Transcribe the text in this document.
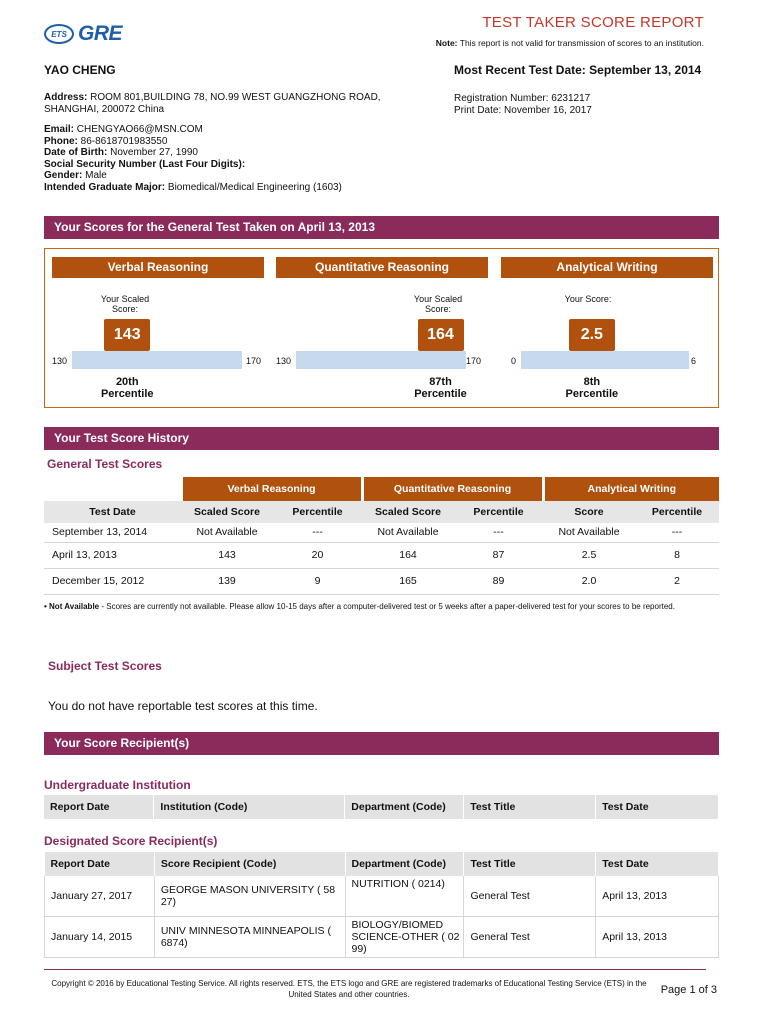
ETS GRE	TEST TAKER SCORE REPORT
Note: This report is not valid for transmission of scores to an institution.
YAO CHENG	Most Recent Test Date: September 13, 2014
Address: ROOM 801,BUILDING 78, NO.99 WEST GUANGZHONG ROAD, SHANGHAI, 200072 China
Registration Number: 6231217
Print Date: November 16, 2017
Email: CHENGYAO66@MSN.COM
Phone: 86-8618701983550
Date of Birth: November 27, 1990
Social Security Number (Last Four Digits):
Gender: Male
Intended Graduate Major: Biomedical/Medical Engineering (1603)
Your Scores for the General Test Taken on April 13, 2013
Verbal Reasoning
Your Scaled Score:
143
130	170
20th
Percentile
Quantitative Reasoning
Your Scaled Score:
164
130	170
87th
Percentile
Analytical Writing
Your Score:
2.5
0	6
8th
Percentile
Your Test Score History
General Test Scores
	Verbal Reasoning		Quantitative Reasoning		Analytical Writing	
Test Date	Scaled Score	Percentile	Scaled Score	Percentile	Score	Percentile
September 13, 2014	Not Available	---	Not Available	---	Not Available	---
April 13, 2013	143	20	164	87	2.5	8
December 15, 2012	139	9	165	89	2.0	2
• Not Available - Scores are currently not available. Please allow 10-15 days after a computer-delivered test or 5 weeks after a paper-delivered test for your scores to be reported.
Subject Test Scores
You do not have reportable test scores at this time.
Your Score Recipient(s)
Undergraduate Institution
Report Date	Institution (Code)	Department (Code)	Test Title	Test Date
Designated Score Recipient(s)
Report Date	Score Recipient (Code)	Department (Code)	Test Title	Test Date
January 27, 2017	GEORGE MASON UNIVERSITY ( 58 27)	NUTRITION ( 0214)	General Test	April 13, 2013
January 14, 2015	UNIV MINNESOTA MINNEAPOLIS ( 6874)	BIOLOGY/BIOMED SCIENCE-OTHER ( 02 99)	General Test	April 13, 2013
Copyright © 2016 by Educational Testing Service. All rights reserved. ETS, the ETS logo and GRE are registered trademarks of Educational Testing Service (ETS) in the United States and other countries.	Page 1 of 3
